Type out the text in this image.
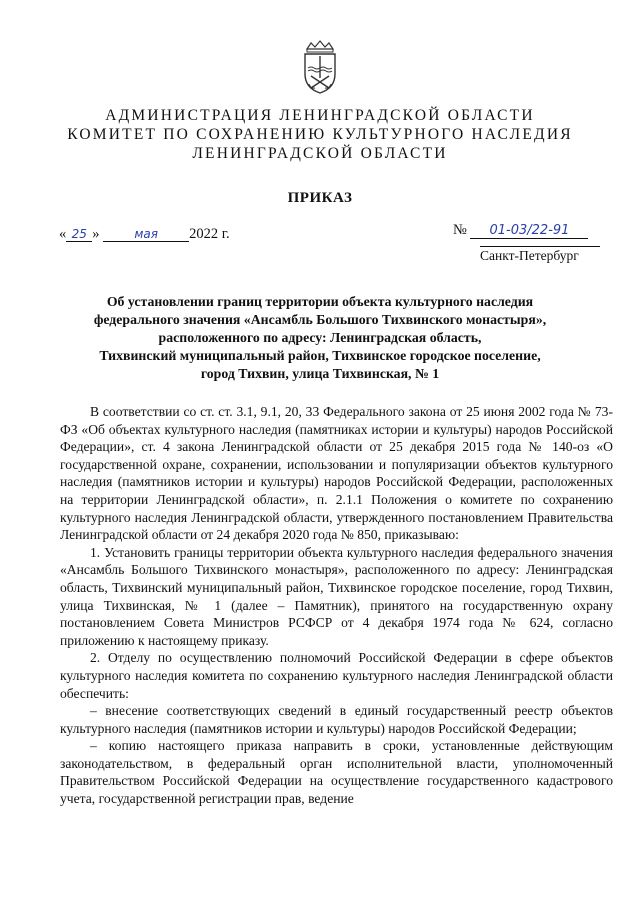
АДМИНИСТРАЦИЯ ЛЕНИНГРАДСКОЙ ОБЛАСТИ
КОМИТЕТ ПО СОХРАНЕНИЮ КУЛЬТУРНОГО НАСЛЕДИЯ
ЛЕНИНГРАДСКОЙ ОБЛАСТИ
ПРИКАЗ
« 25 »	мая 2022 г.	№ 01-03/22-91
Санкт-Петербург
Об установлении границ территории объекта культурного наследия
федерального значения «Ансамбль Большого Тихвинского монастыря»,
расположенного по адресу: Ленинградская область,
Тихвинский муниципальный район, Тихвинское городское поселение,
город Тихвин, улица Тихвинская, № 1

В соответствии со ст. ст. 3.1, 9.1, 20, 33 Федерального закона от 25 июня 2002 года № 73-ФЗ «Об объектах культурного наследия (памятниках истории и культуры) народов Российской Федерации», ст. 4 закона Ленинградской области от 25 декабря 2015 года № 140-оз «О государственной охране, сохранении, использовании и популяризации объектов культурного наследия (памятников истории и культуры) народов Российской Федерации, расположенных на территории Ленинградской области», п. 2.1.1 Положения о комитете по сохранению культурного наследия Ленинградской области, утвержденного постановлением Правительства Ленинградской области от 24 декабря 2020 года № 850, приказываю:

1. Установить границы территории объекта культурного наследия федерального значения «Ансамбль Большого Тихвинского монастыря», расположенного по адресу: Ленинградская область, Тихвинский муниципальный район, Тихвинское городское поселение, город Тихвин, улица Тихвинская, № 1 (далее – Памятник), принятого на государственную охрану постановлением Совета Министров РСФСР от 4 декабря 1974 года № 624, согласно приложению к настоящему приказу.

2. Отделу по осуществлению полномочий Российской Федерации в сфере объектов культурного наследия комитета по сохранению культурного наследия Ленинградской области обеспечить:

– внесение соответствующих сведений в единый государственный реестр объектов культурного наследия (памятников истории и культуры) народов Российской Федерации;

– копию настоящего приказа направить в сроки, установленные действующим законодательством, в федеральный орган исполнительной власти, уполномоченный Правительством Российской Федерации на осуществление государственного кадастрового учета, государственной регистрации прав, ведение
